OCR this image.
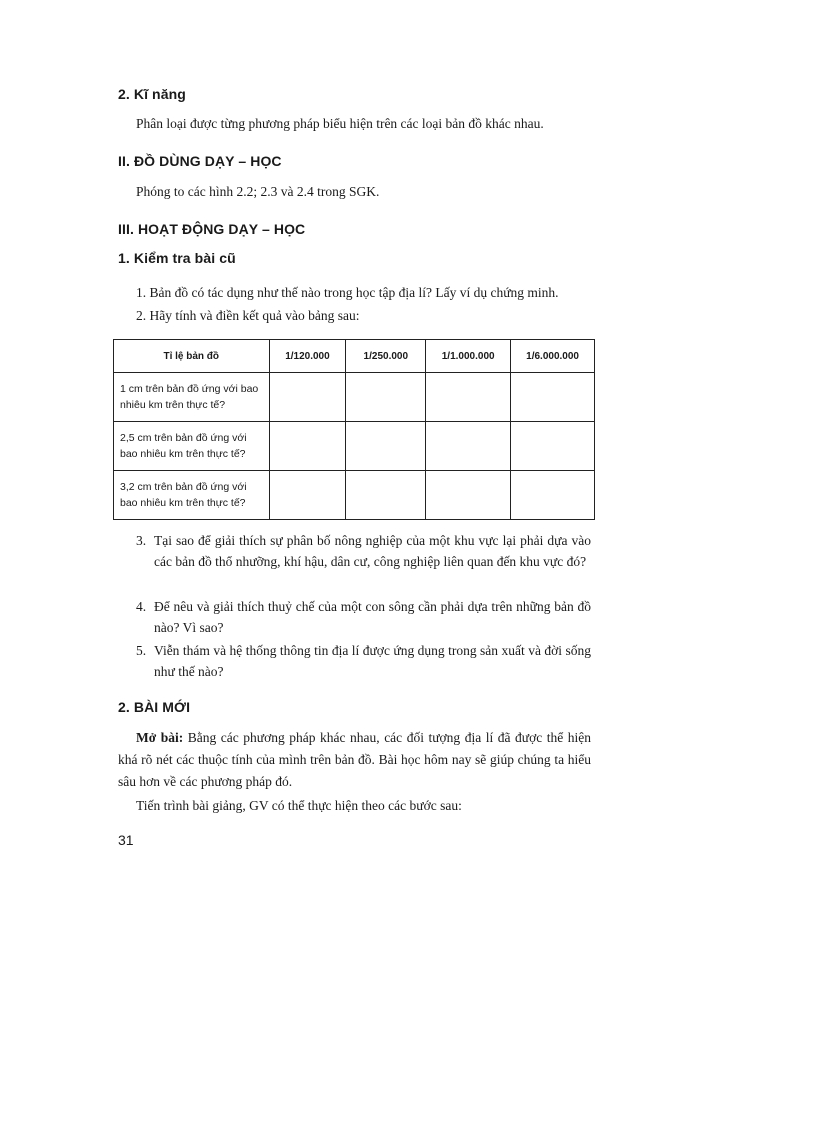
2. Kĩ năng

Phân loại được từng phương pháp biểu hiện trên các loại bản đồ khác nhau.

II. ĐỒ DÙNG DẠY – HỌC

Phóng to các hình 2.2; 2.3 và 2.4 trong SGK.

III. HOẠT ĐỘNG DẠY – HỌC
1. Kiểm tra bài cũ

1. Bản đồ có tác dụng như thế nào trong học tập địa lí? Lấy ví dụ chứng minh.

2. Hãy tính và điền kết quả vào bảng sau:

Tỉ lệ bản đồ	1/120.000	1/250.000	1/1.000.000	1/6.000.000
1 cm trên bản đồ ứng với bao nhiêu km trên thực tế?				
2,5 cm trên bản đồ ứng với bao nhiêu km trên thực tế?				
3,2 cm trên bản đồ ứng với bao nhiêu km trên thực tế?				
3. Tại sao để giải thích sự phân bố nông nghiệp của một khu vực lại phải dựa vào các bản đồ thổ nhưỡng, khí hậu, dân cư, công nghiệp liên quan đến khu vực đó?
4. Để nêu và giải thích thuỷ chế của một con sông cần phải dựa trên những bản đồ nào? Vì sao?
5. Viễn thám và hệ thống thông tin địa lí được ứng dụng trong sản xuất và đời sống như thế nào?
2. BÀI MỚI

Mở bài: Bằng các phương pháp khác nhau, các đối tượng địa lí đã được thể hiện khá rõ nét các thuộc tính của mình trên bản đồ. Bài học hôm nay sẽ giúp chúng ta hiểu sâu hơn về các phương pháp đó.

Tiến trình bài giảng, GV có thể thực hiện theo các bước sau:

31
